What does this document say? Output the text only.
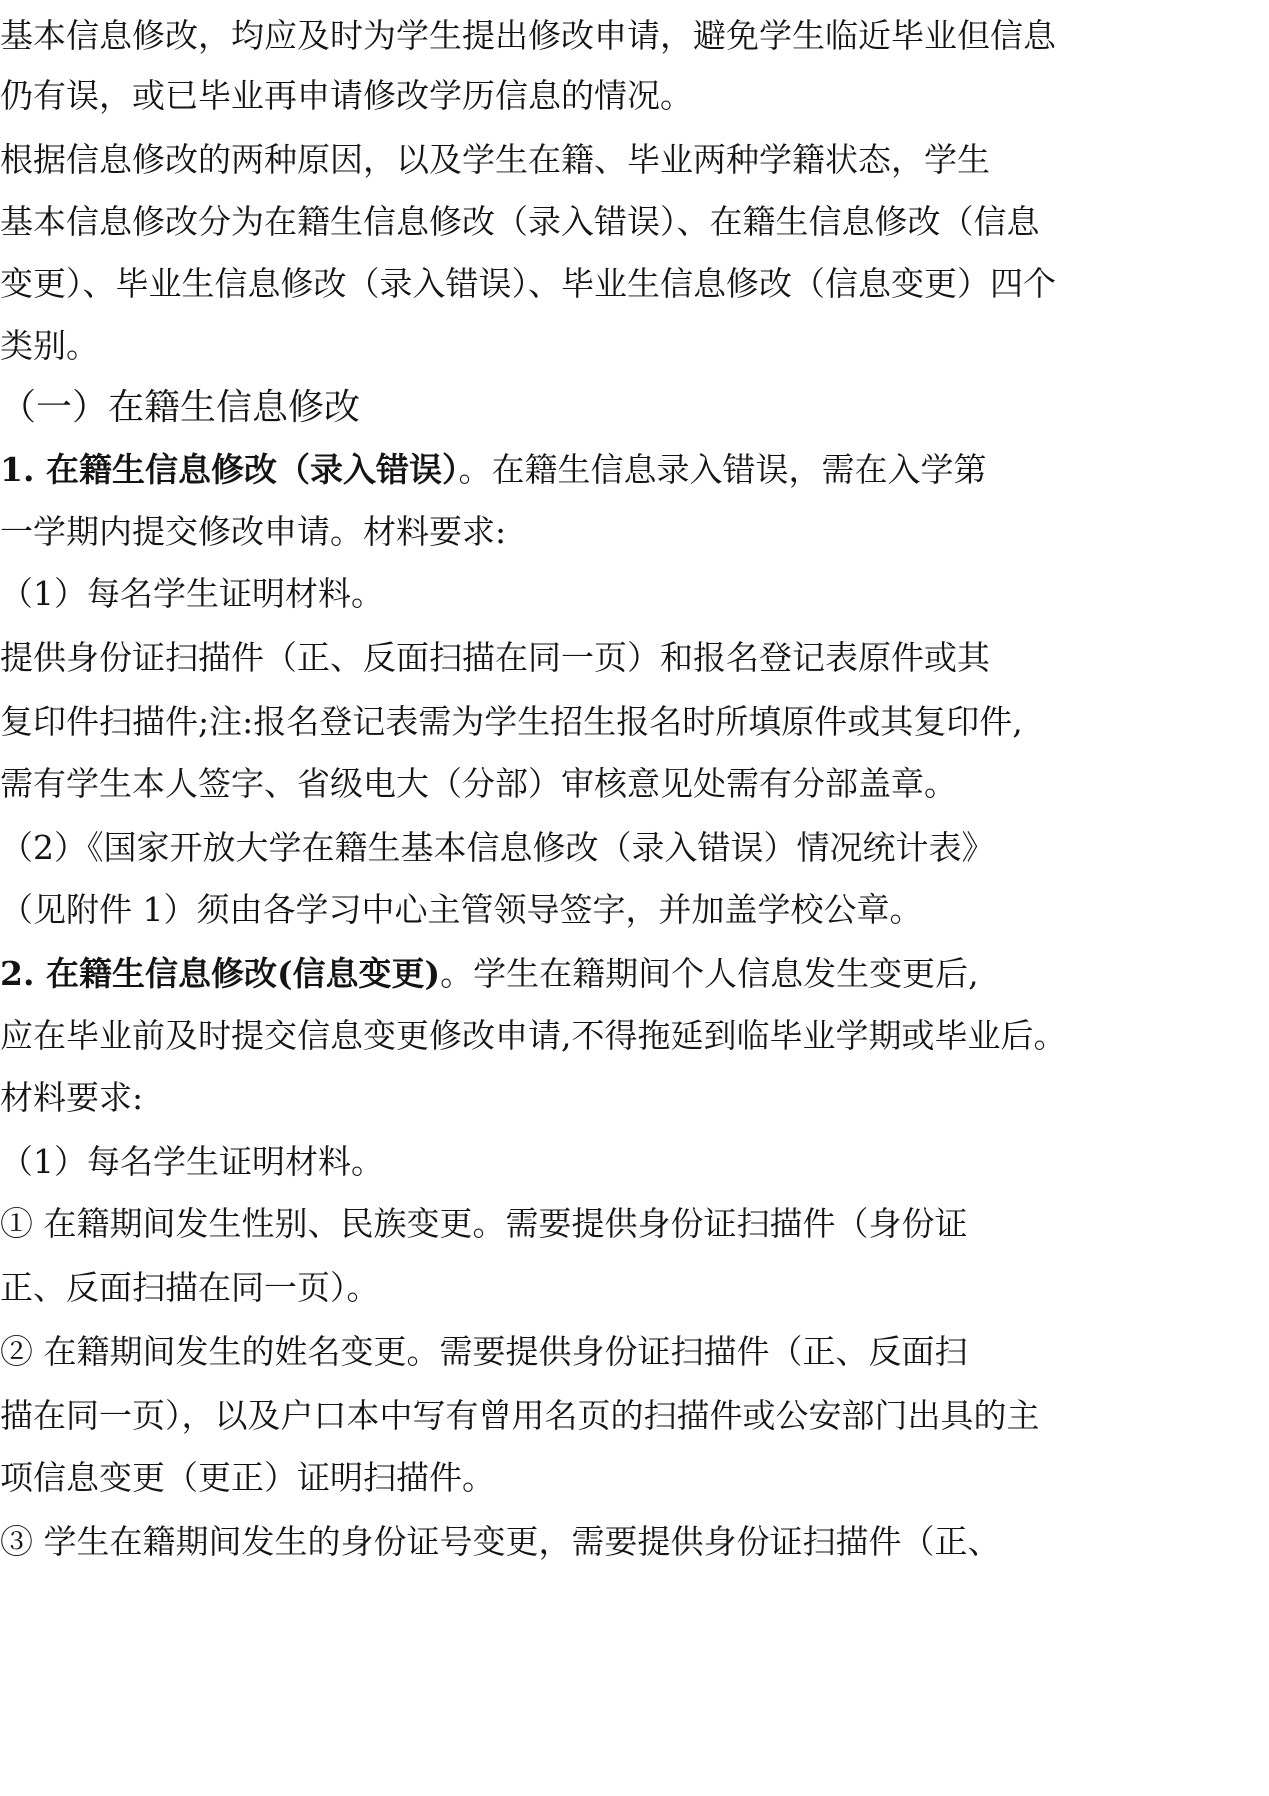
基本信息修改，均应及时为学生提出修改申请，避免学生临近毕业但信息
仍有误，或已毕业再申请修改学历信息的情况。
根据信息修改的两种原因，以及学生在籍、毕业两种学籍状态，学生
基本信息修改分为在籍生信息修改（录入错误）、在籍生信息修改（信息
变更）、毕业生信息修改（录入错误）、毕业生信息修改（信息变更）四个
类别。
（一）在籍生信息修改
1. 在籍生信息修改（录入错误）。在籍生信息录入错误，需在入学第
一学期内提交修改申请。材料要求:
（1）每名学生证明材料。
提供身份证扫描件（正、反面扫描在同一页）和报名登记表原件或其
复印件扫描件;注:报名登记表需为学生招生报名时所填原件或其复印件,
需有学生本人签字、省级电大（分部）审核意见处需有分部盖章。
（2）《国家开放大学在籍生基本信息修改（录入错误）情况统计表》
（见附件 1）须由各学习中心主管领导签字，并加盖学校公章。
2. 在籍生信息修改(信息变更)。学生在籍期间个人信息发生变更后,
应在毕业前及时提交信息变更修改申请,不得拖延到临毕业学期或毕业后。
材料要求:
（1）每名学生证明材料。
① 在籍期间发生性别、民族变更。需要提供身份证扫描件（身份证
正、反面扫描在同一页）。
② 在籍期间发生的姓名变更。需要提供身份证扫描件（正、反面扫
描在同一页），以及户口本中写有曾用名页的扫描件或公安部门出具的主
项信息变更（更正）证明扫描件。
③ 学生在籍期间发生的身份证号变更，需要提供身份证扫描件（正、
